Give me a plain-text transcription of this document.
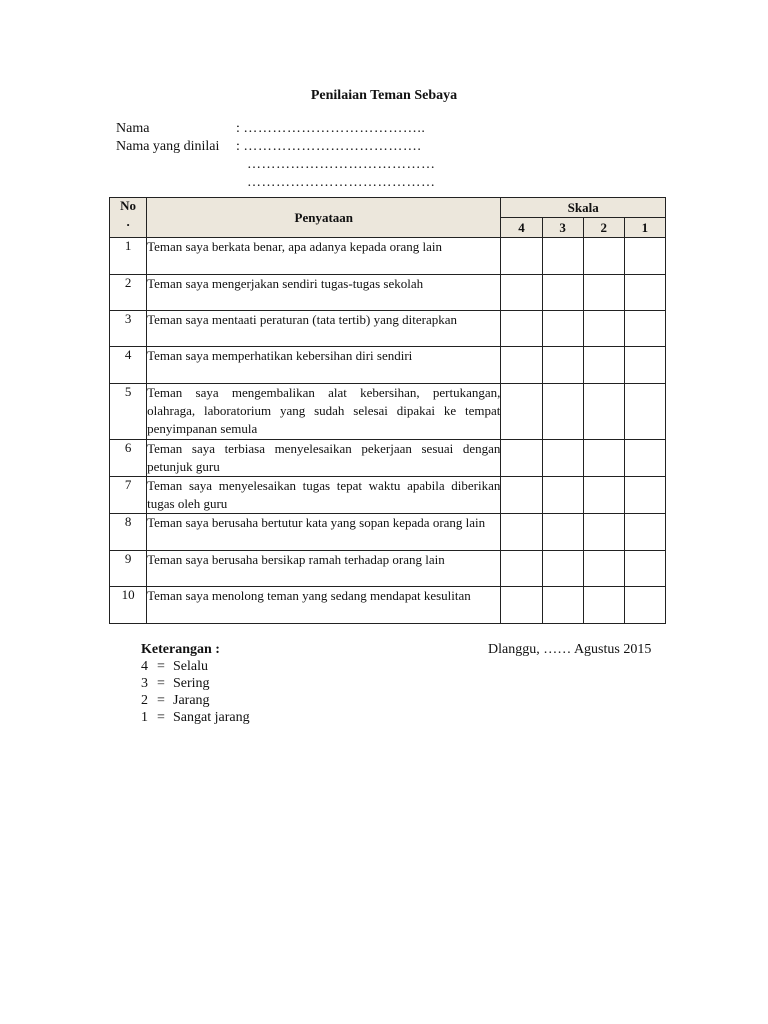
Penilaian Teman Sebaya
Nama	: ………………………………..
Nama yang dinilai : ……………………………….
…………………………………
…………………………………
No
.	Penyataan	Skala			
		4	3	2	1
1	Teman saya berkata benar, apa adanya kepada orang lain				
2	Teman saya mengerjakan sendiri tugas-tugas sekolah				
3	Teman saya mentaati peraturan (tata tertib) yang diterapkan				
4	Teman saya memperhatikan kebersihan diri sendiri				
5	Teman saya mengembalikan alat kebersihan, pertukangan, olahraga, laboratorium yang sudah selesai dipakai ke tempat penyimpanan semula				
6	Teman saya terbiasa menyelesaikan pekerjaan sesuai dengan petunjuk guru				
7	Teman saya menyelesaikan tugas tepat waktu apabila diberikan tugas oleh guru				
8	Teman saya berusaha bertutur kata yang sopan kepada orang lain				
9	Teman saya berusaha bersikap ramah terhadap orang lain				
10	Teman saya menolong teman yang sedang mendapat kesulitan				
Keterangan :
4 = Selalu
3 = Sering
2 = Jarang
1 = Sangat jarang
Dlanggu, …… Agustus 2015
